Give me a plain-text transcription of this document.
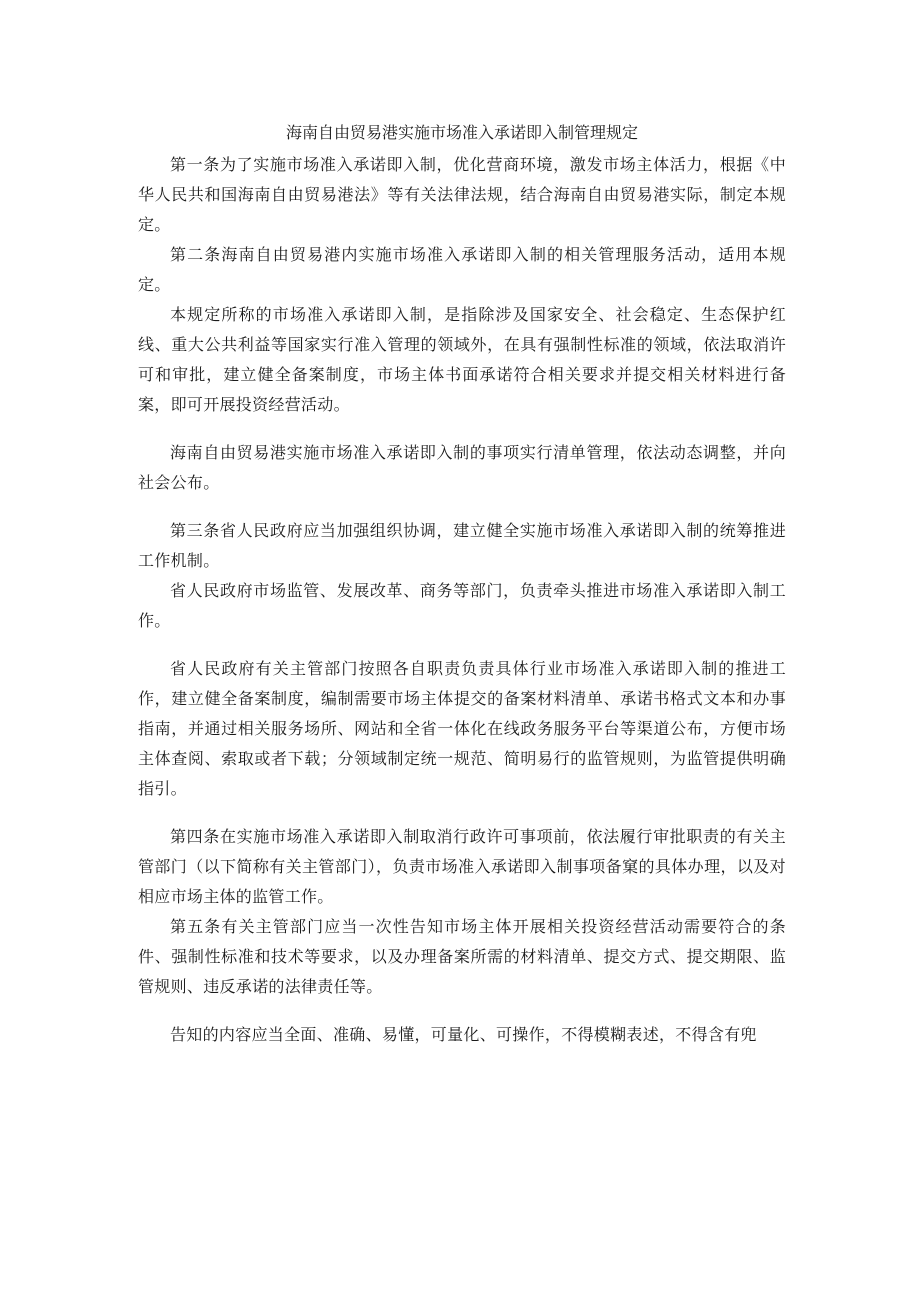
海南自由贸易港实施市场准入承诺即入制管理规定

第一条为了实施市场准入承诺即入制，优化营商环境，激发市场主体活力，根据《中华人民共和国海南自由贸易港法》等有关法律法规，结合海南自由贸易港实际，制定本规定。

第二条海南自由贸易港内实施市场准入承诺即入制的相关管理服务活动，适用本规定。

本规定所称的市场准入承诺即入制，是指除涉及国家安全、社会稳定、生态保护红线、重大公共利益等国家实行准入管理的领域外，在具有强制性标准的领域，依法取消许可和审批，建立健全备案制度，市场主体书面承诺符合相关要求并提交相关材料进行备案，即可开展投资经营活动。

海南自由贸易港实施市场准入承诺即入制的事项实行清单管理，依法动态调整，并向社会公布。

第三条省人民政府应当加强组织协调，建立健全实施市场准入承诺即入制的统筹推进工作机制。

省人民政府市场监管、发展改革、商务等部门，负责牵头推进市场准入承诺即入制工作。

省人民政府有关主管部门按照各自职责负责具体行业市场准入承诺即入制的推进工作，建立健全备案制度，编制需要市场主体提交的备案材料清单、承诺书格式文本和办事指南，并通过相关服务场所、网站和全省一体化在线政务服务平台等渠道公布，方便市场主体查阅、索取或者下载；分领域制定统一规范、简明易行的监管规则，为监管提供明确指引。

第四条在实施市场准入承诺即入制取消行政许可事项前，依法履行审批职责的有关主管部门（以下简称有关主管部门），负责市场准入承诺即入制事项备窠的具体办理，以及对相应市场主体的监管工作。

第五条有关主管部门应当一次性告知市场主体开展相关投资经营活动需要符合的条件、强制性标准和技术等要求，以及办理备案所需的材料清单、提交方式、提交期限、监管规则、违反承诺的法律责任等。

告知的内容应当全面、准确、易懂，可量化、可操作，不得模糊表述，不得含有兜
